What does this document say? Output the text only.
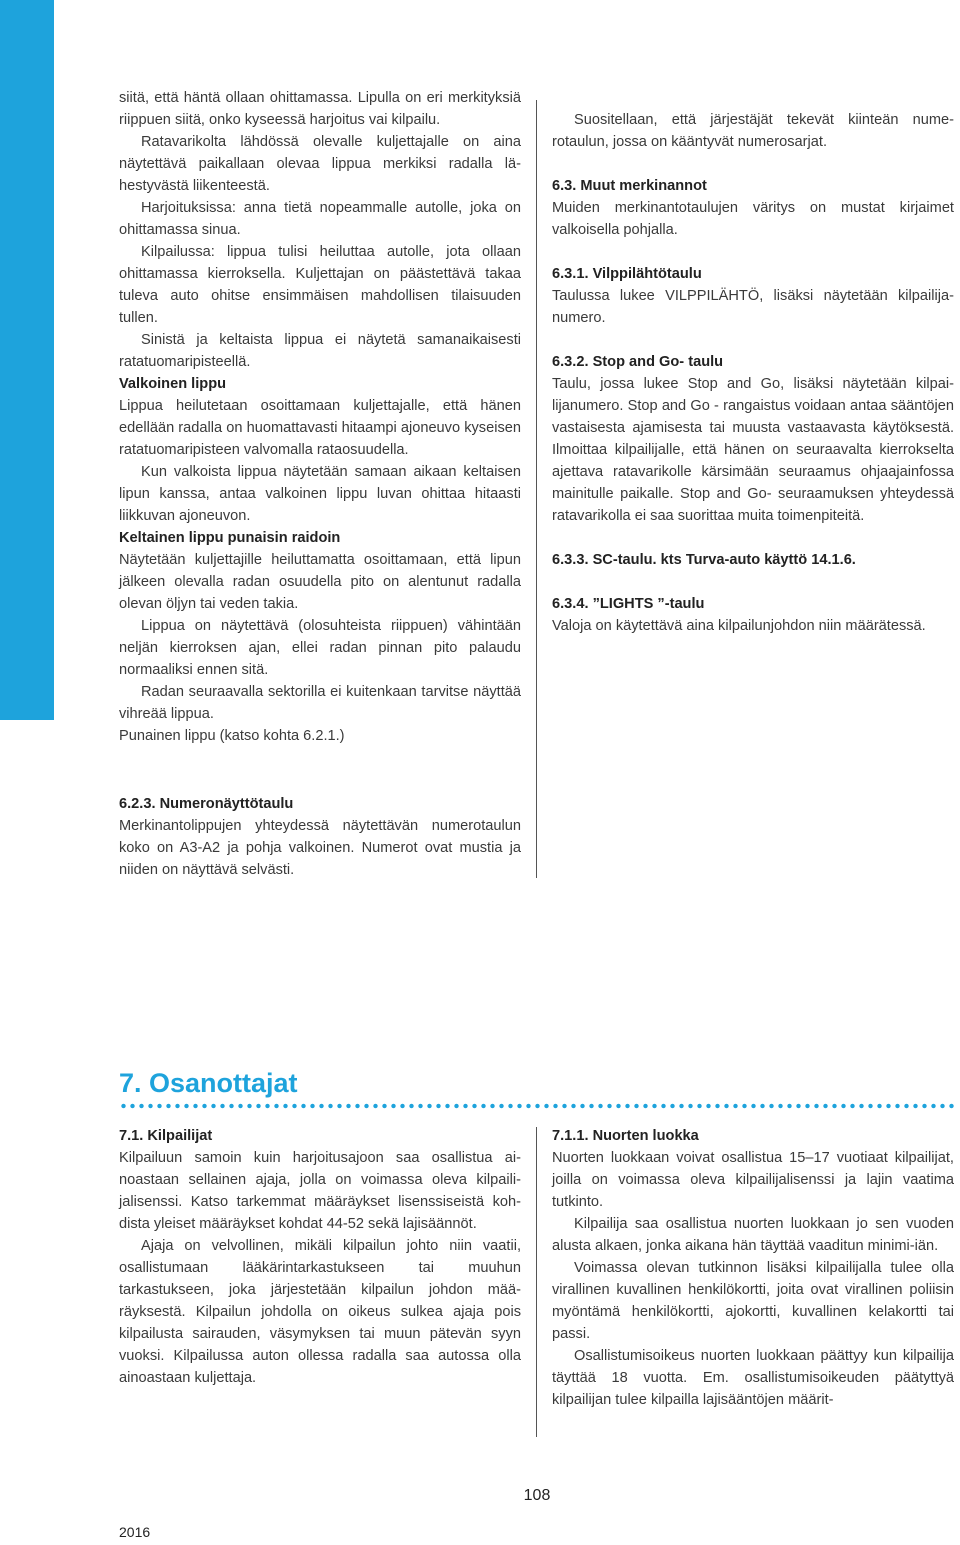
siitä, että häntä ollaan ohittamassa. Lipulla on eri merkityksiä riippuen siitä, onko kyseessä harjoitus vai kilpailu.

Ratavarikolta lähdössä olevalle kuljettajalle on aina näytettävä paikallaan olevaa lippua merkiksi radalla lähestyvästä liikenteestä.

Harjoituksissa: anna tietä nopeammalle autolle, joka on ohittamassa sinua.

Kilpailussa: lippua tulisi heiluttaa autolle, jota ollaan ohittamassa kierroksella. Kuljettajan on päästettävä takaa tuleva auto ohitse ensimmäisen mahdollisen tilaisuuden tullen.

Sinistä ja keltaista lippua ei näytetä samanaikaisesti ratatuomaripisteellä.

Valkoinen lippu

Lippua heilutetaan osoittamaan kuljettajalle, että hänen edellään radalla on huomattavasti hitaampi ajoneuvo kyseisen ratatuomaripisteen valvomalla rataosuudella.

Kun valkoista lippua näytetään samaan aikaan keltaisen lipun kanssa, antaa valkoinen lippu luvan ohittaa hitaasti liikkuvan ajoneuvon.

Keltainen lippu punaisin raidoin

Näytetään kuljettajille heiluttamatta osoittamaan, että lipun jälkeen olevalla radan osuudella pito on alentunut radalla olevan öljyn tai veden takia.

Lippua on näytettävä (olosuhteista riippuen) vähintään neljän kierroksen ajan, ellei radan pinnan pito palaudu normaaliksi ennen sitä.

Radan seuraavalla sektorilla ei kuitenkaan tarvitse näyttää vihreää lippua.

Punainen lippu (katso kohta 6.2.1.)

6.2.3. Numeronäyttötaulu

Merkinantolippujen yhteydessä näytettävän numerotaulun koko on A3-A2 ja pohja valkoinen. Numerot ovat mustia ja niiden on näyttävä selvästi.

Suositellaan, että järjestäjät tekevät kiinteän numerotaulun, jossa on kääntyvät numerosarjat.

6.3. Muut merkinannot

Muiden merkinantotaulujen väritys on mustat kirjaimet valkoisella pohjalla.

6.3.1. Vilppilähtötaulu

Taulussa lukee VILPPILÄHTÖ, lisäksi näytetään kilpailijanumero.

6.3.2. Stop and Go- taulu

Taulu, jossa lukee Stop and Go, lisäksi näytetään kilpailijanumero. Stop and Go - rangaistus voidaan antaa sääntöjen vastaisesta ajamisesta tai muusta vastaavasta käytöksestä. Ilmoittaa kilpailijalle, että hänen on seuraavalta kierrokselta ajettava ratavarikolle kärsimään seuraamus ohjaajainfossa mainitulle paikalle. Stop and Go- seuraamuksen yhteydessä ratavarikolla ei saa suorittaa muita toimenpiteitä.

6.3.3. SC-taulu. kts Turva-auto käyttö 14.1.6.
6.3.4. ”LIGHTS ”-taulu

Valoja on käytettävä aina kilpailunjohdon niin määrätessä.

7. Osanottajat
7.1. Kilpailijat

Kilpailuun samoin kuin harjoitusajoon saa osallistua ainoastaan sellainen ajaja, jolla on voimassa oleva kilpailijalisenssi. Katso tarkemmat määräykset lisenssiseistä kohdista yleiset määräykset kohdat 44-52 sekä lajisäännöt.

Ajaja on velvollinen, mikäli kilpailun johto niin vaatii, osallistumaan lääkärintarkastukseen tai muuhun tarkastukseen, joka järjestetään kilpailun johdon määräyksestä. Kilpailun johdolla on oikeus sulkea ajaja pois kilpailusta sairauden, väsymyksen tai muun pätevän syyn vuoksi. Kilpailussa auton ollessa radalla saa autossa olla ainoastaan kuljettaja.

7.1.1. Nuorten luokka

Nuorten luokkaan voivat osallistua 15–17 vuotiaat kilpailijat, joilla on voimassa oleva kilpailijalisenssi ja lajin vaatima tutkinto.

Kilpailija saa osallistua nuorten luokkaan jo sen vuoden alusta alkaen, jonka aikana hän täyttää vaaditun minimi-iän.

Voimassa olevan tutkinnon lisäksi kilpailijalla tulee olla virallinen kuvallinen henkilökortti, joita ovat virallinen poliisin myöntämä henkilökortti, ajokortti, kuvallinen kelakortti tai passi.

Osallistumisoikeus nuorten luokkaan päättyy kun kilpailija täyttää 18 vuotta. Em. osallistumisoikeuden päätyttyä kilpailijan tulee kilpailla lajisääntöjen määrit-

108
2016
